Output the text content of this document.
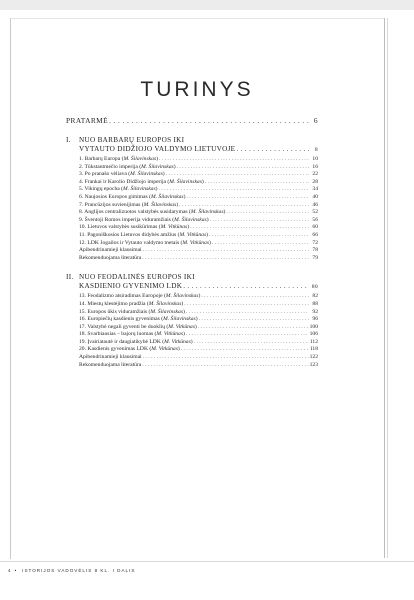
TURINYS
PRATARMĖ . . .	6
I.	NUO BARBARŲ EUROPOS IKI
VYTAUTO DIDŽIOJO VALDYMO LIETUVOJE . . .	8
1. Barbarų Europa (M. Šilavinskas) . . .	10
2. Tūkstantmečio imperija (M. Šilavinskas) . . .	16
3. Po pranašo vėliava (M. Šilavinskas) . . .	22
4. Frankai ir Karolio Didžiojo imperija (M. Šilavinskas) . . .	28
5. Vikingų epocha (M. Šilavinskas) . . .	34
6. Naujosios Europos gimimas (M. Šilavinskas) . . .	40
7. Prancūzijos suvienijimas (M. Šilavinskas) . . .	46
8. Anglijos centralizuotos valstybės susidarymas (M. Šilavinskas) . . .	52
9. Šventoji Romos imperija viduramžiais (M. Šilavinskas) . . .	56
10. Lietuvos valstybės susikūrimas (M. Vitkūnas) . . .	60
11. Pagoniškosios Lietuvos didybės amžius (M. Vitkūnas) . . .	66
12. LDK Jogailos ir Vytauto valdymo metais (M. Vitkūnas) . . .	72
Apibendrinamieji klausimai . . .	78
Rekomenduojama literatūra . . .	79
II. NUO FEODALINĖS EUROPOS IKI
KASDIENIO GYVENIMO LDK . . .	80
13. Feodalizmo atsiradimas Europoje (M. Šilavinskas) . . .	82
14. Miestų klestėjimo pradžia (M. Šilavinskas) . . .	88
15. Europos ūkis viduramžiais (M. Šilavinskas) . . .	92
16. Europiečių kasdienis gyvenimas (M. Šilavinskas) . . .	96
17. Valstybė negali gyventi be duoklių (M. Vitkūnas) . . .	100
18. Svarbiausias – bajorų luomas (M. Vitkūnas) . . .	106
19. Įvairiatautė ir daugiatikybė LDK (M. Vitkūnas) . . .	112
20. Kasdienis gyvenimas LDK (M. Vitkūnas) . . .	118
Apibendrinamieji klausimai . . .	122
Rekomenduojama literatūra . . .	123
4 • ISTORIJOS VADOVĖLIS 8 KL. I DALIS
